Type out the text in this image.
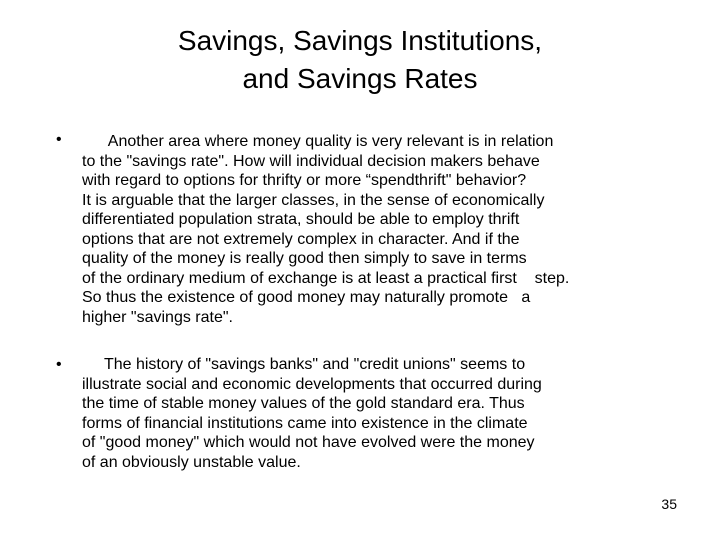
Savings, Savings Institutions,
and Savings Rates
• Another area where money quality is very relevant is in relation
to the "savings rate". How will individual decision makers behave
with regard to options for thrifty or more “spendthrift" behavior?
It is arguable that the larger classes, in the sense of economically
differentiated population strata, should be able to employ thrift
options that are not extremely complex in character. And if the
quality of the money is really good then simply to save in terms
of the ordinary medium of exchange is at least a practical first    step.
So thus the existence of good money may naturally promote   a
higher "savings rate".
• The history of "savings banks" and "credit unions" seems to
illustrate social and economic developments that occurred during
the time of stable money values of the gold standard era. Thus
forms of financial institutions came into existence in the climate
of "good money" which would not have evolved were the money
of an obviously unstable value.
35
